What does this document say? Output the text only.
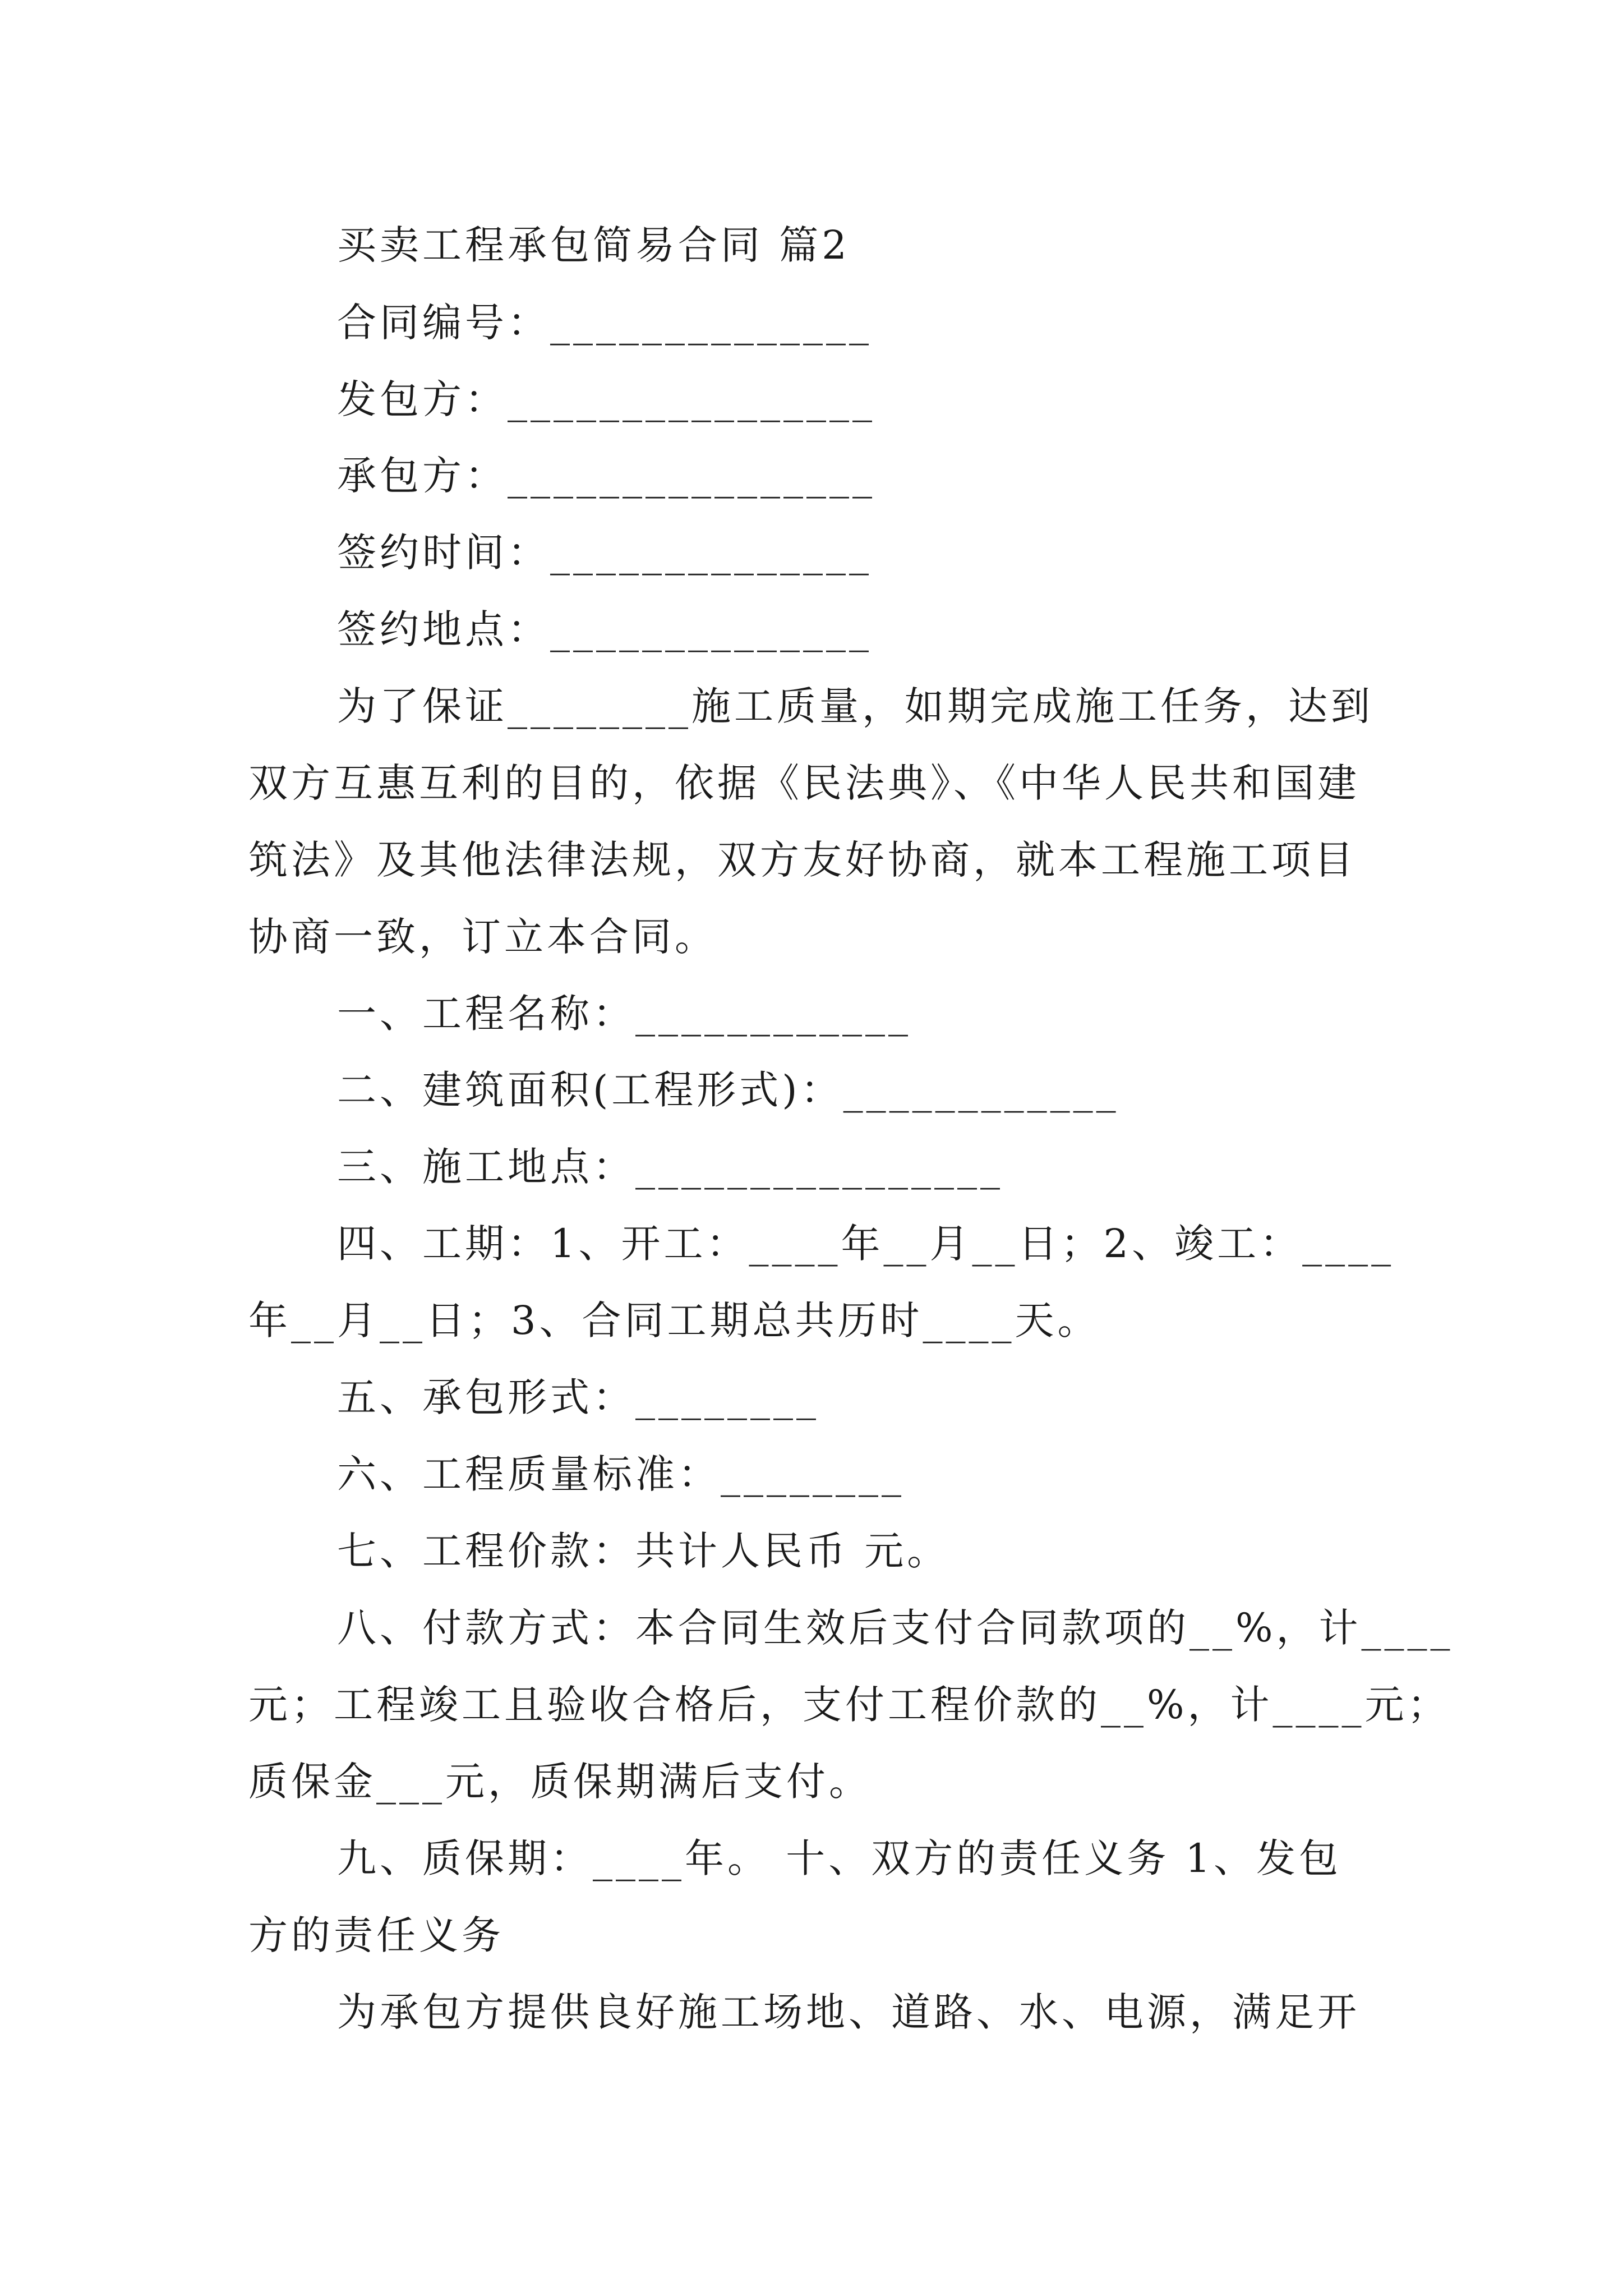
买卖工程承包简易合同 篇2
合同编号：______________
发包方：________________
承包方：________________
签约时间：______________
签约地点：______________
为了保证________施工质量，如期完成施工任务，达到
双方互惠互利的目的，依据《民法典》、《中华人民共和国建
筑法》及其他法律法规，双方友好协商，就本工程施工项目
协商一致，订立本合同。
一、工程名称：____________
二、建筑面积(工程形式)：____________
三、施工地点：________________
四、工期：1、开工：____年__月__日；2、竣工：____
年__月__日；3、合同工期总共历时____天。
五、承包形式：________
六、工程质量标准：________
七、工程价款：共计人民币 元。
八、付款方式：本合同生效后支付合同款项的__%，计____
元；工程竣工且验收合格后，支付工程价款的__%，计____元；
质保金___元，质保期满后支付。
九、质保期：____年。 十、双方的责任义务 1、发包
方的责任义务
为承包方提供良好施工场地、道路、水、电源，满足开
